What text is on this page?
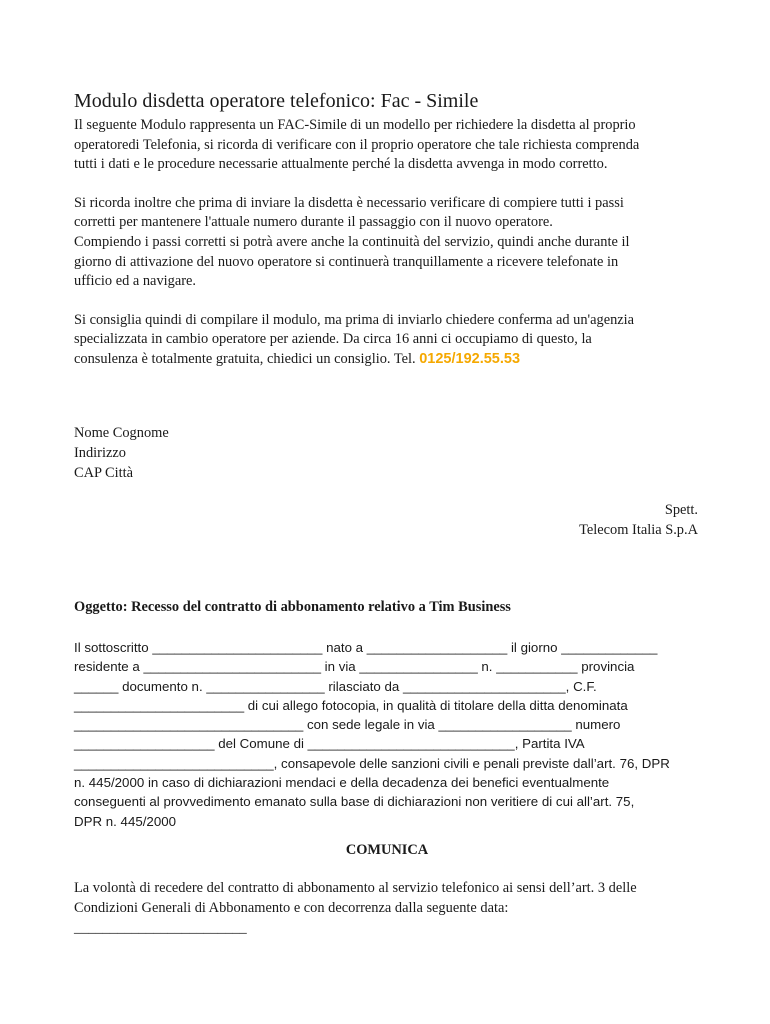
Modulo disdetta operatore telefonico: Fac - Simile

Il seguente Modulo rappresenta un FAC-Simile di un modello per richiedere la disdetta al proprio
operatoredi Telefonia, si ricorda di verificare con il proprio operatore che tale richiesta comprenda
tutti i dati e le procedure necessarie attualmente perché la disdetta avvenga in modo corretto.

Si ricorda inoltre che prima di inviare la disdetta è necessario verificare di compiere tutti i passi
corretti per mantenere l'attuale numero durante il passaggio con il nuovo operatore.
Compiendo i passi corretti si potrà avere anche la continuità del servizio, quindi anche durante il
giorno di attivazione del nuovo operatore si continuerà tranquillamente a ricevere telefonate in
ufficio ed a navigare.

Si consiglia quindi di compilare il modulo, ma prima di inviarlo chiedere conferma ad un'agenzia
specializzata in cambio operatore per aziende. Da circa 16 anni ci occupiamo di questo, la
consulenza è totalmente gratuita, chiedici un consiglio. Tel. 0125/192.55.53

Nome Cognome
Indirizzo
CAP Città
Spett.
Telecom Italia S.p.A
Oggetto: Recesso del contratto di abbonamento relativo a Tim Business
Il sottoscritto _______________________ nato a ___________________ il giorno _____________
residente a ________________________ in via ________________ n. ___________ provincia
______ documento n. ________________ rilasciato da ______________________, C.F.
_______________________ di cui allego fotocopia, in qualità di titolare della ditta denominata
_______________________________ con sede legale in via __________________ numero
___________________ del Comune di ____________________________, Partita IVA
___________________________, consapevole delle sanzioni civili e penali previste dall’art. 76, DPR
n. 445/2000 in caso di dichiarazioni mendaci e della decadenza dei benefici eventualmente
conseguenti al provvedimento emanato sulla base di dichiarazioni non veritiere di cui all’art. 75,
DPR n. 445/2000
COMUNICA
La volontà di recedere del contratto di abbonamento al servizio telefonico ai sensi dell’art. 3 delle
Condizioni Generali di Abbonamento e con decorrenza dalla seguente data:
________________________
